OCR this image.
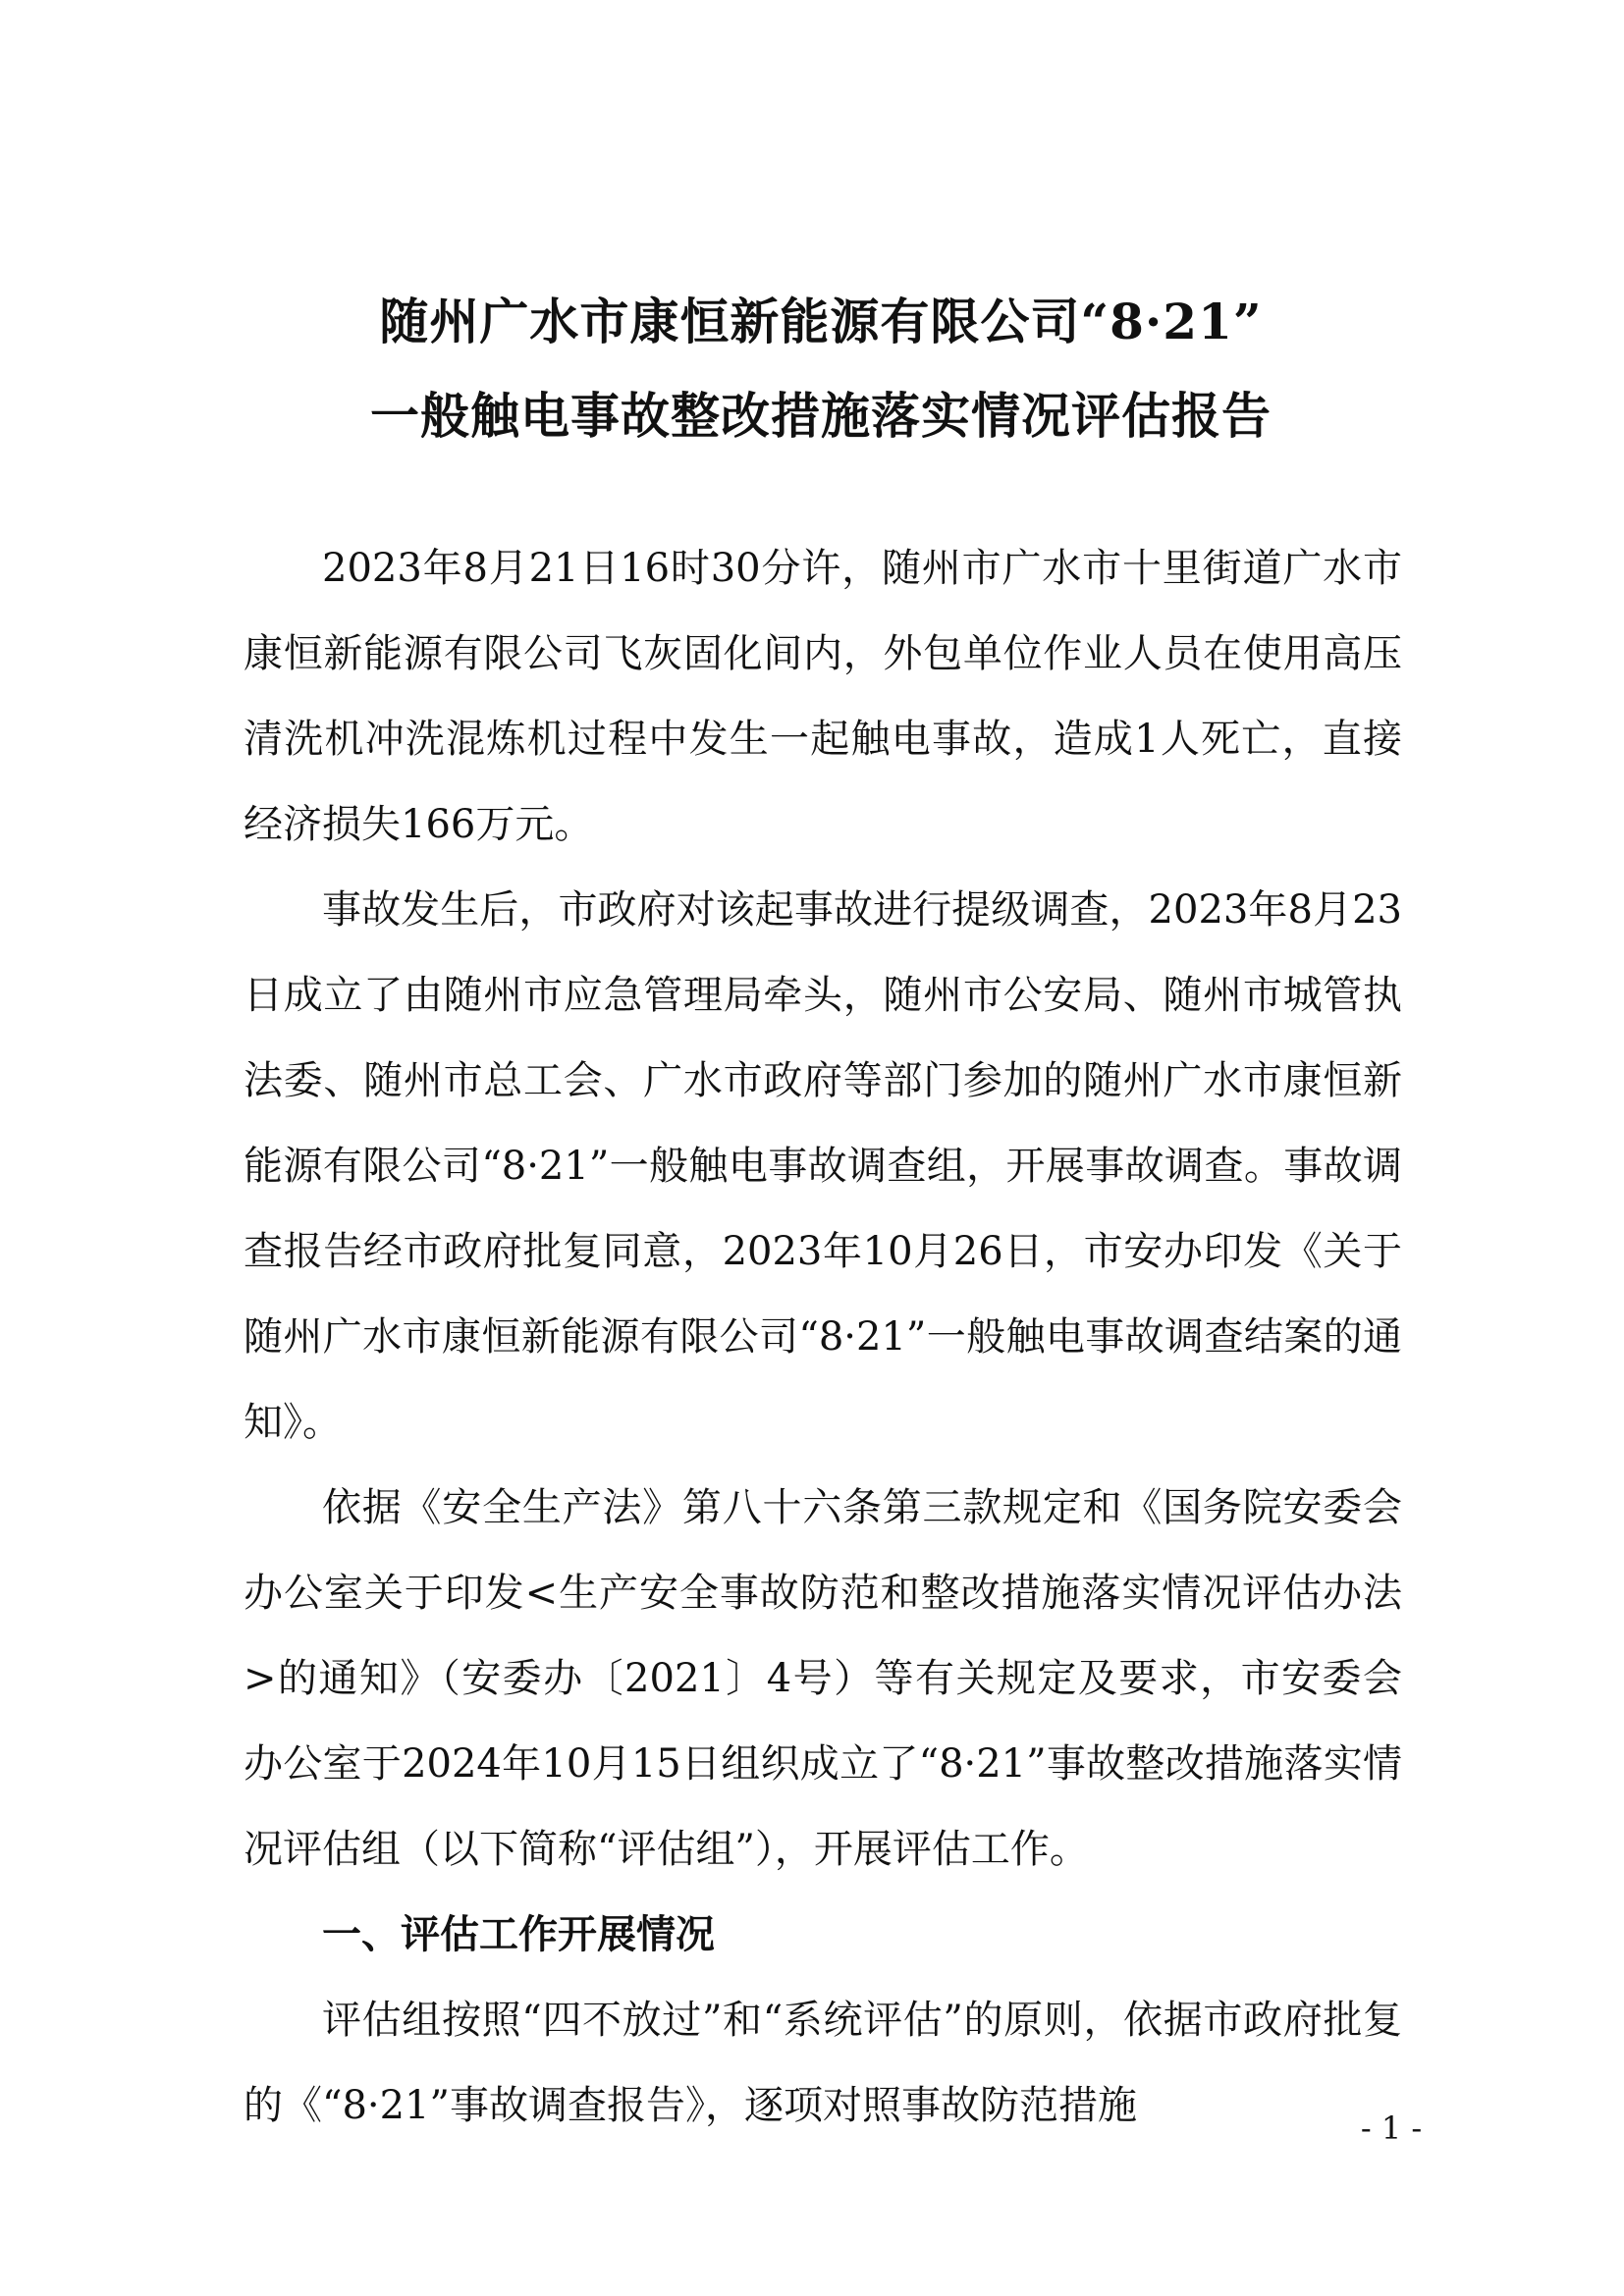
随州广水市康恒新能源有限公司“8·21”
一般触电事故整改措施落实情况评估报告

2023年8月21日16时30分许，随州市广水市十里街道广水市康恒新能源有限公司飞灰固化间内，外包单位作业人员在使用高压清洗机冲洗混炼机过程中发生一起触电事故，造成1人死亡，直接经济损失166万元。

事故发生后，市政府对该起事故进行提级调查，2023年8月23日成立了由随州市应急管理局牵头，随州市公安局、随州市城管执法委、随州市总工会、广水市政府等部门参加的随州广水市康恒新能源有限公司“8·21”一般触电事故调查组，开展事故调查。事故调查报告经市政府批复同意，2023年10月26日，市安办印发《关于随州广水市康恒新能源有限公司“8·21”一般触电事故调查结案的通知》。

依据《安全生产法》第八十六条第三款规定和《国务院安委会办公室关于印发<生产安全事故防范和整改措施落实情况评估办法>的通知》（安委办〔2021〕4号）等有关规定及要求，市安委会办公室于2024年10月15日组织成立了“8·21”事故整改措施落实情况评估组（以下简称“评估组”），开展评估工作。

一、评估工作开展情况

评估组按照“四不放过”和“系统评估”的原则，依据市政府批复的《“8·21”事故调查报告》，逐项对照事故防范措施	- 1 -
